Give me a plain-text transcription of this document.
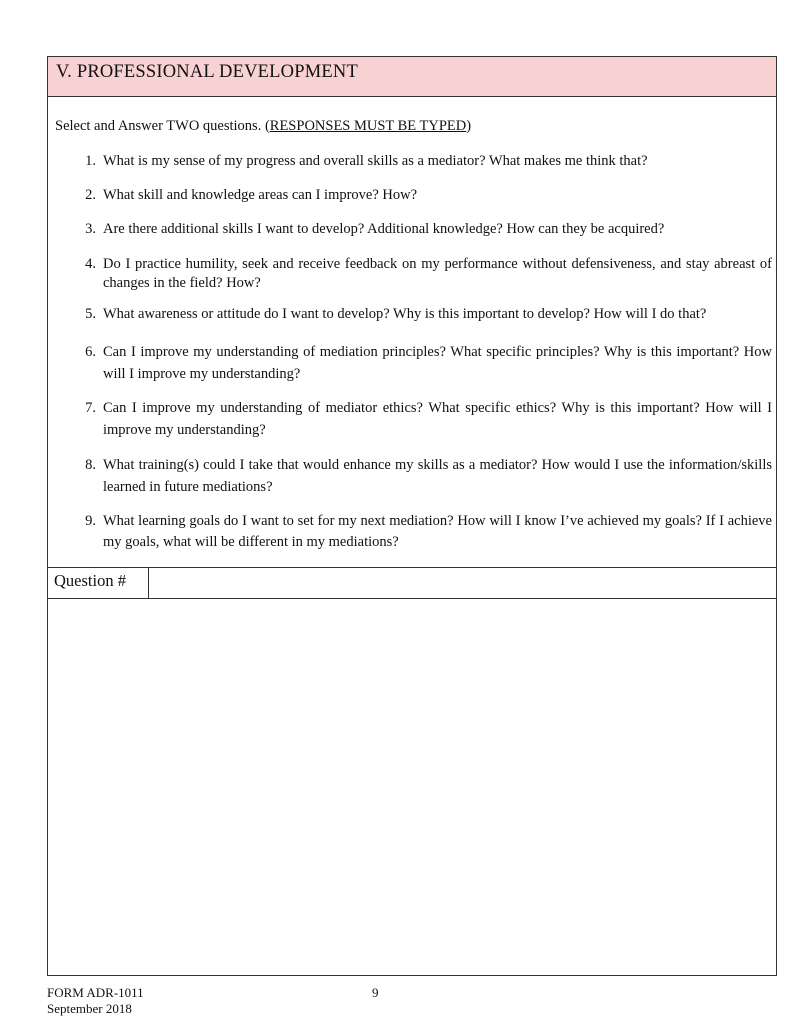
V. PROFESSIONAL DEVELOPMENT
Select and Answer TWO questions. (RESPONSES MUST BE TYPED)
1. What is my sense of my progress and overall skills as a mediator? What makes me think that?
2. What skill and knowledge areas can I improve? How?
3. Are there additional skills I want to develop? Additional knowledge? How can they be acquired?
4. Do I practice humility, seek and receive feedback on my performance without defensiveness, and stay abreast of changes in the field? How?
5. What awareness or attitude do I want to develop? Why is this important to develop? How will I do that?
6. Can I improve my understanding of mediation principles? What specific principles? Why is this important? How will I improve my understanding?
7. Can I improve my understanding of mediator ethics? What specific ethics? Why is this important? How will I improve my understanding?
8. What training(s) could I take that would enhance my skills as a mediator? How would I use the information/skills learned in future mediations?
9. What learning goals do I want to set for my next mediation? How will I know I’ve achieved my goals? If I achieve my goals, what will be different in my mediations?
Question #
FORM ADR-1011
September 2018
9
